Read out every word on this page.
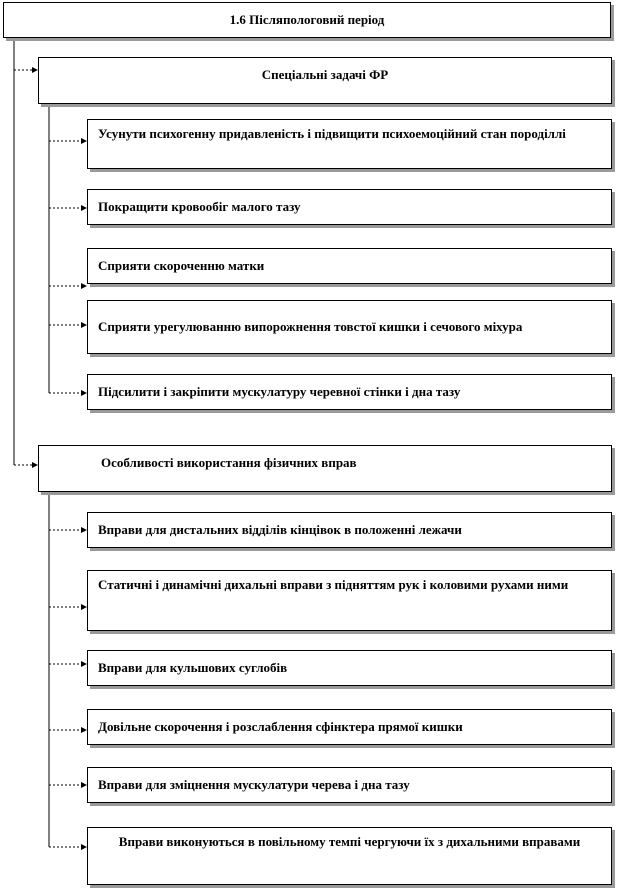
1.6 Післяпологовий період
Спеціальні задачі ФР
Усунути психогенну придавленість і підвищити психоемоційний стан породіллі
Покращити кровообіг малого тазу
Сприяти скороченню матки
Сприяти урегулюванню випорожнення товстої кишки і сечового міхура
Підсилити і закріпити мускулатуру черевної стінки і дна тазу
Особливості використання фізичних вправ
Вправи для дистальних відділів кінцівок в положенні лежачи
Статичні і динамічні дихальні вправи з підняттям рук і коловими рухами ними
Вправи для кульшових суглобів
Довільне скорочення і розслаблення сфінктера прямої кишки
Вправи для зміцнення мускулатури черева і дна тазу
Вправи виконуються в повільному темпі чергуючи їх з дихальними вправами
